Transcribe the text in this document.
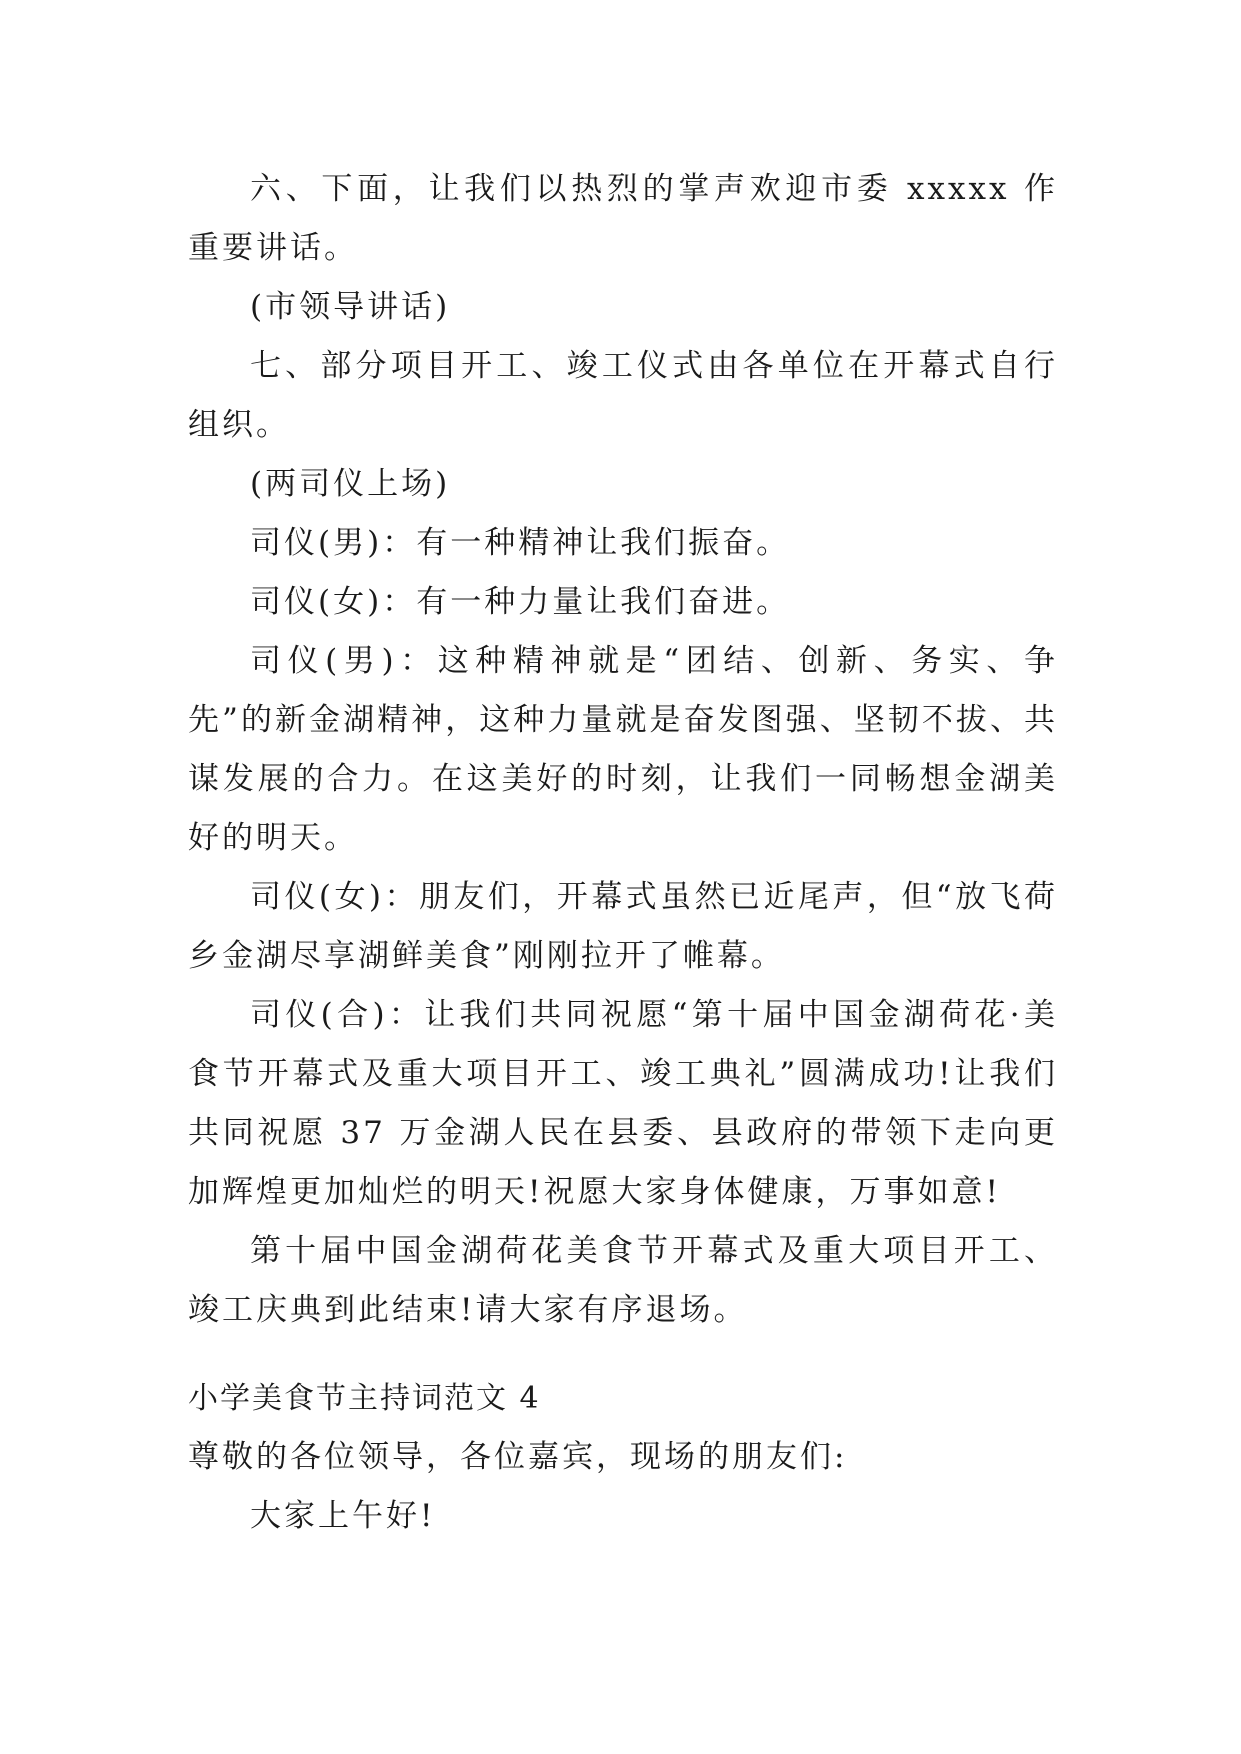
六、下面，让我们以热烈的掌声欢迎市委 xxxxx 作重要讲话。

(市领导讲话)

七、部分项目开工、竣工仪式由各单位在开幕式自行组织。

(两司仪上场)

司仪(男)：有一种精神让我们振奋。

司仪(女)：有一种力量让我们奋进。

司仪(男)：这种精神就是“团结、创新、务实、争先”的新金湖精神，这种力量就是奋发图强、坚韧不拔、共谋发展的合力。在这美好的时刻，让我们一同畅想金湖美好的明天。

司仪(女)：朋友们，开幕式虽然已近尾声，但“放飞荷乡金湖尽享湖鲜美食”刚刚拉开了帷幕。

司仪(合)：让我们共同祝愿“第十届中国金湖荷花·美食节开幕式及重大项目开工、竣工典礼”圆满成功!让我们共同祝愿 37 万金湖人民在县委、县政府的带领下走向更加辉煌更加灿烂的明天!祝愿大家身体健康，万事如意!

第十届中国金湖荷花美食节开幕式及重大项目开工、竣工庆典到此结束!请大家有序退场。

小学美食节主持词范文 4

尊敬的各位领导，各位嘉宾，现场的朋友们:

大家上午好!
